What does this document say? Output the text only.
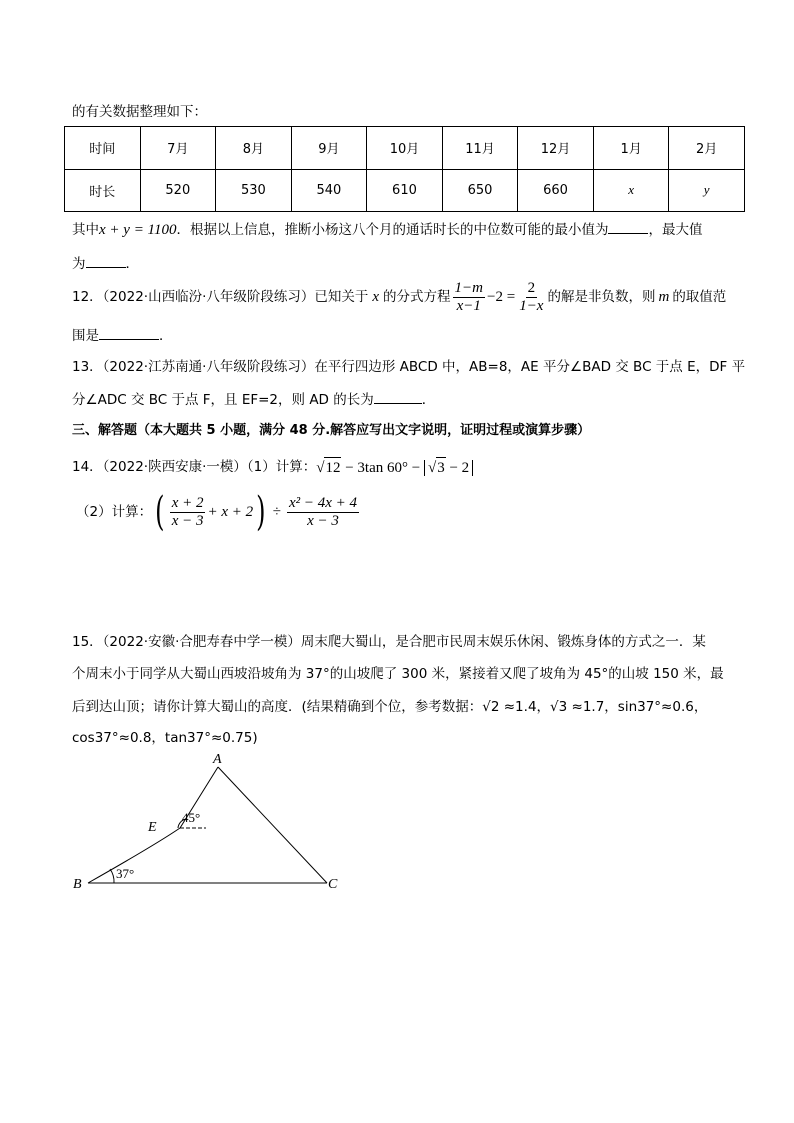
的有关数据整理如下：
时间	7月	8月	9月	10月	11月	12月	1月	2月
时长	520	530	540	610	650	660	x	y
其中x + y = 1100．根据以上信息，推断小杨这八个月的通话时长的中位数可能的最小值为	，最大值
为	．
12．（2022·山西临汾·八年级阶段练习）已知关于 x 的分式方程 $\frac{1-m}{x-1} -2 = \frac{2}{1-x}$ 的解是非负数，则 m 的取值范
围是	．
13．（2022·江苏南通·八年级阶段练习）在平行四边形 ABCD 中，AB=8，AE 平分∠BAD 交 BC 于点 E，DF 平
分∠ADC 交 BC 于点 F，且 EF=2，则 AD 的长为	．
三、解答题（本大题共 5 小题，满分 48 分.解答应写出文字说明，证明过程或演算步骤）
14．（2022·陕西安康·一模）（1）计算： √12 − 3tan 60° − √3 − 2
（2）计算： ( $\frac{x + 2}{x - 3} + x + 2$ ) ÷ $\frac{\text{x² − 4x + 4}}{x - 3}$
15．（2022·安徽·合肥寿春中学一模）周末爬大蜀山，是合肥市民周末娱乐休闲、锻炼身体的方式之一．某
个周末小于同学从大蜀山西坡沿坡角为 37°的山坡爬了 300 米，紧接着又爬了坡角为 45°的山坡 150 米，最
后到达山顶；请你计算大蜀山的高度．(结果精确到个位，参考数据：√2 ≈1.4，√3 ≈1.7，sin37°≈0.6，
cos37°≈0.8，tan37°≈0.75)
A
B	C
E
45°
37°
